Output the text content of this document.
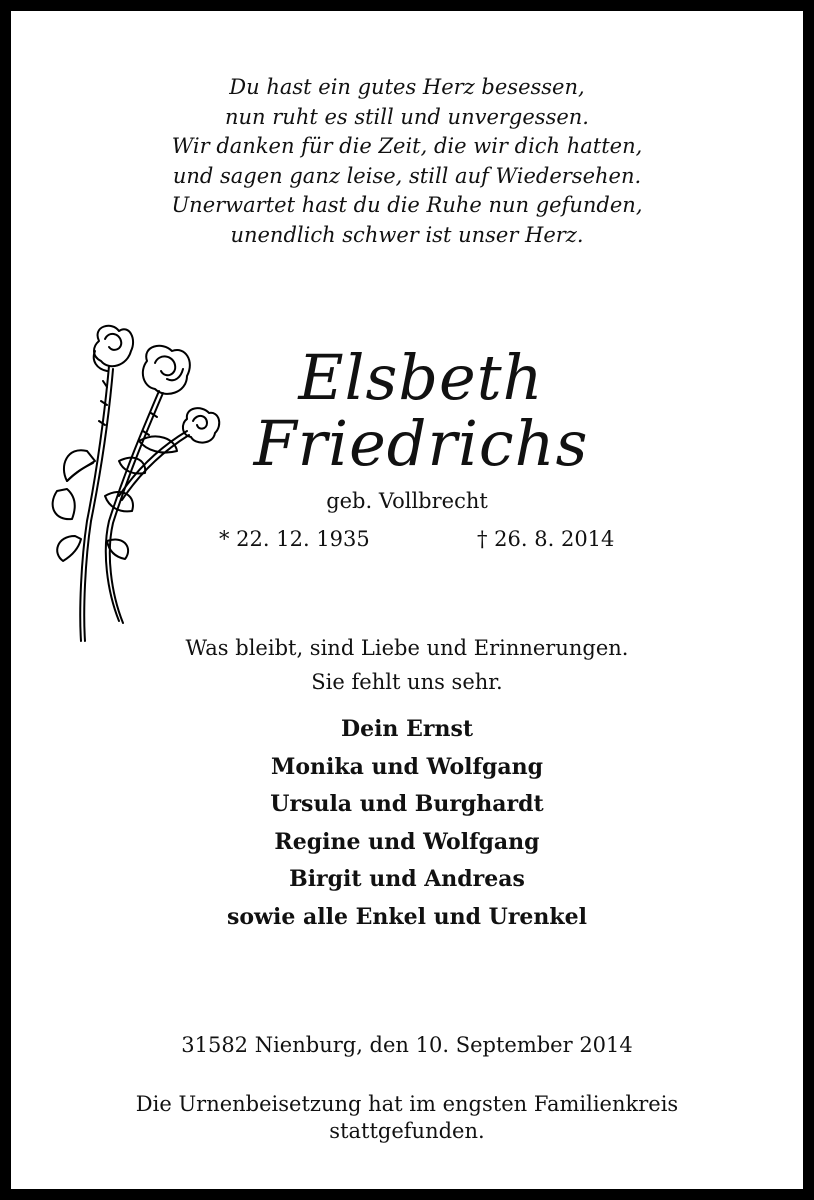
Du hast ein gutes Herz besessen,
nun ruht es still und unvergessen.
Wir danken für die Zeit, die wir dich hatten,
und sagen ganz leise, still auf Wiedersehen.
Unerwartet hast du die Ruhe nun gefunden,
unendlich schwer ist unser Herz.
Elsbeth
Friedrichs
geb. Vollbrecht
* 22. 12. 1935	† 26. 8. 2014
Was bleibt, sind Liebe und Erinnerungen.
Sie fehlt uns sehr.
Dein Ernst
Monika und Wolfgang
Ursula und Burghardt
Regine und Wolfgang
Birgit und Andreas
sowie alle Enkel und Urenkel
31582 Nienburg, den 10. September 2014
Die Urnenbeisetzung hat im engsten Familienkreis
stattgefunden.
